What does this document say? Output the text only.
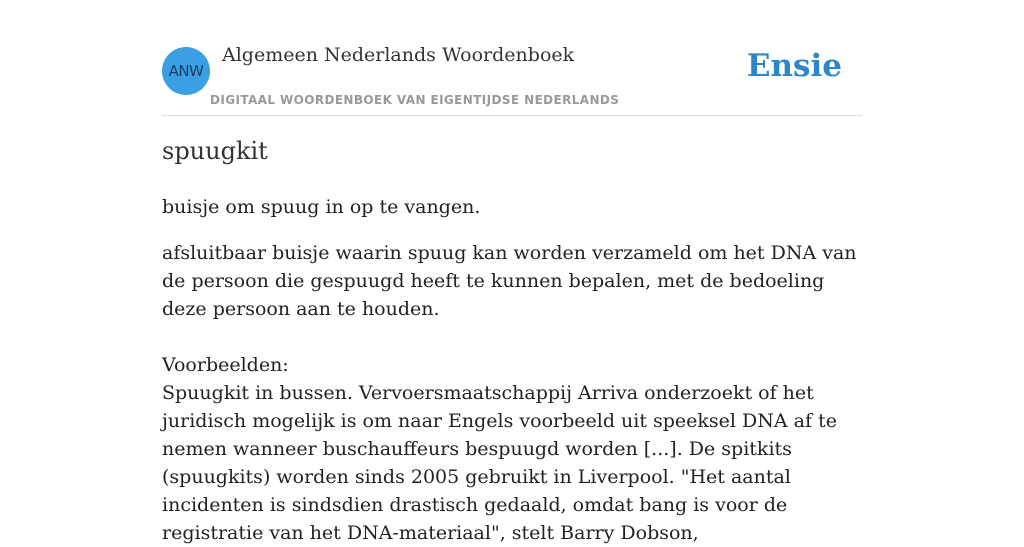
ANW
Algemeen Nederlands Woordenboek
DIGITAAL WOORDENBOEK VAN EIGENTIJDSE NEDERLANDS
Ensie
spuugkit

buisje om spuug in op te vangen.

afsluitbaar buisje waarin spuug kan worden verzameld om het DNA van de persoon die gespuugd heeft te kunnen bepalen, met de bedoeling deze persoon aan te houden.

Voorbeelden:

Spuugkit in bussen. Vervoersmaatschappij Arriva onderzoekt of het juridisch mogelijk is om naar Engels voorbeeld uit speeksel DNA af te nemen wanneer buschauffeurs bespuugd worden [...]. De spitkits (spuugkits) worden sinds 2005 gebruikt in Liverpool. "Het aantal incidenten is sindsdien drastisch gedaald, omdat bang is voor de registratie van het DNA-materiaal", stelt Barry Dobson,
